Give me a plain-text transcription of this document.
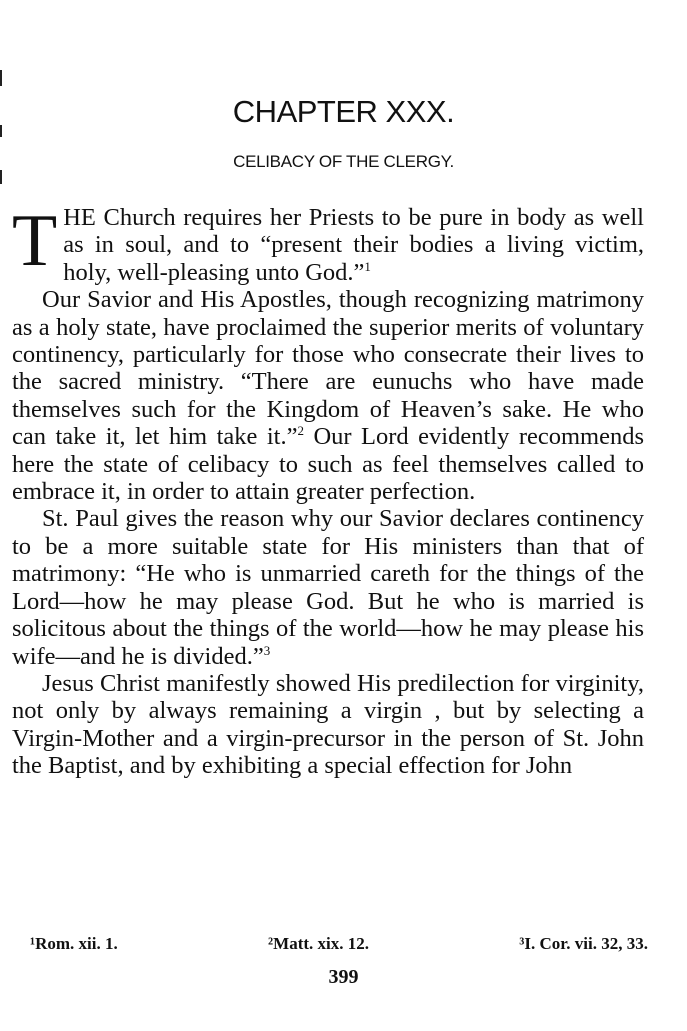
CHAPTER XXX.
CELIBACY OF THE CLERGY.

THE Church requires her Priests to be pure in body as well as in soul, and to “present their bodies a living victim, holy, well-pleasing unto God.”$^1$

Our Savior and His Apostles, though recognizing matrimony as a holy state, have proclaimed the superior merits of voluntary continency, particularly for those who consecrate their lives to the sacred ministry. “There are eunuchs who have made themselves such for the Kingdom of Heaven’s sake. He who can take it, let him take it.”$^2$ Our Lord evidently recommends here the state of celibacy to such as feel themselves called to embrace it, in order to attain greater perfection.

St. Paul gives the reason why our Savior declares continency to be a more suitable state for His ministers than that of matrimony: “He who is unmarried careth for the things of the Lord—how he may please God. But he who is married is solicitous about the things of the world—how he may please his wife—and he is divided.”$^3$

Jesus Christ manifestly showed His predilection for virginity, not only by always remaining a virgin , but by selecting a Virgin-Mother and a virgin-precursor in the person of St. John the Baptist, and by exhibiting a special effection for John

¹Rom. xii. 1.	²Matt. xix. 12.	³I. Cor. vii. 32, 33.
399
